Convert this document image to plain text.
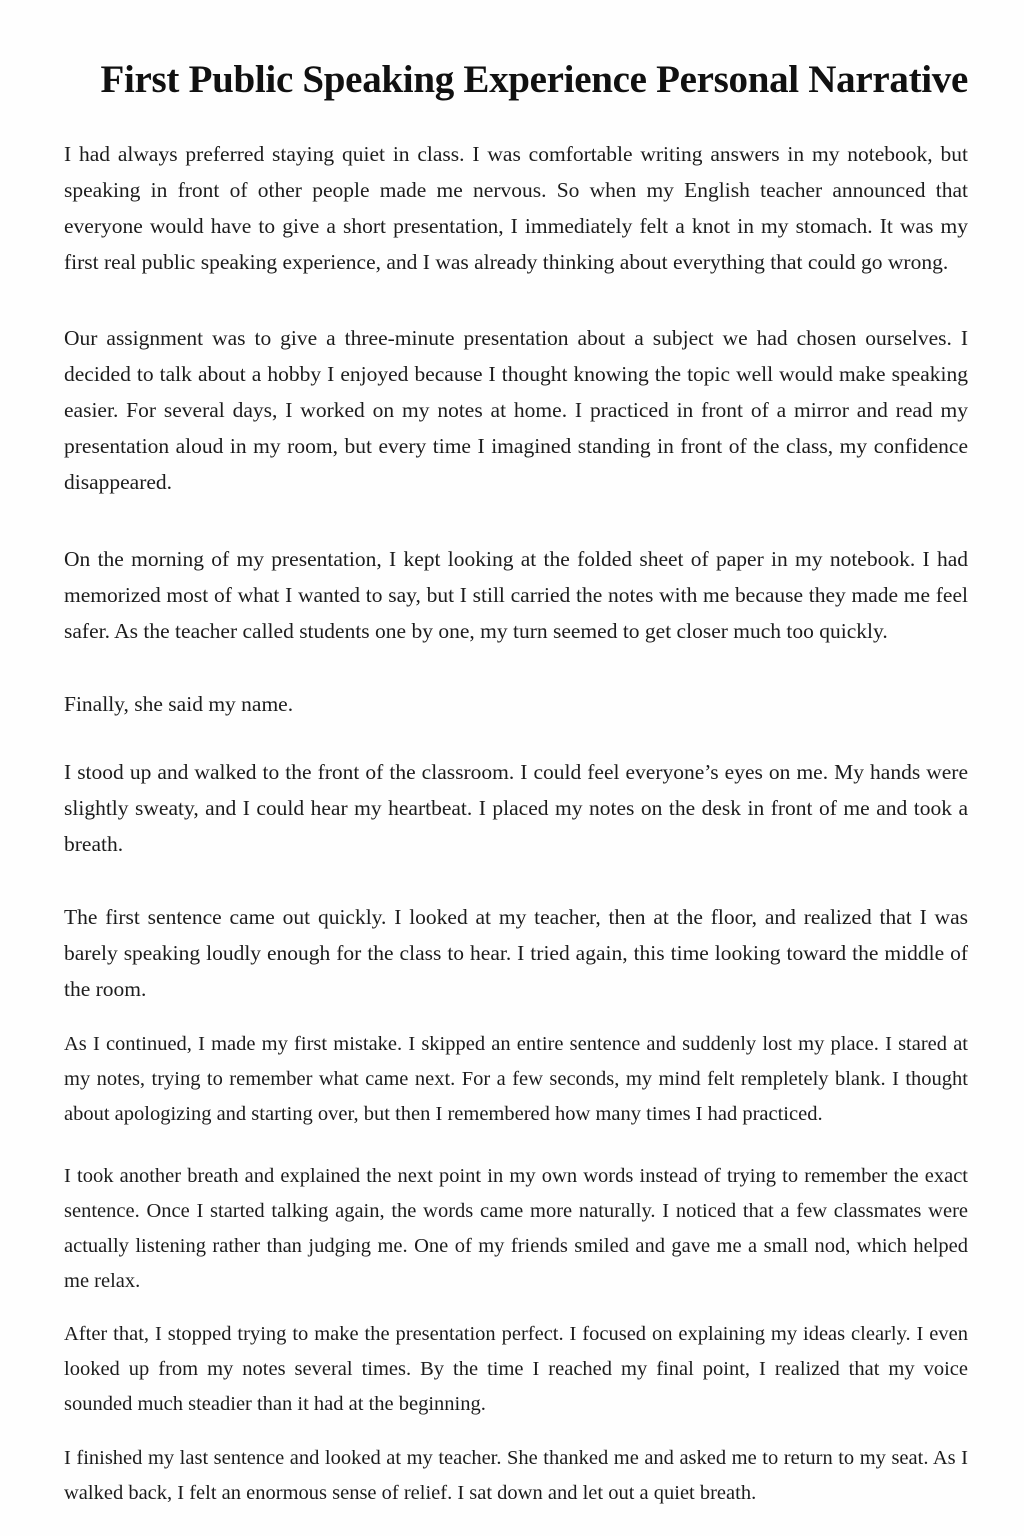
First Public Speaking Experience Personal Narrative

I had always preferred staying quiet in class. I was comfortable writing answers in my notebook, but speaking in front of other people made me nervous. So when my English teacher announced that everyone would have to give a short presentation, I immediately felt a knot in my stomach. It was my first real public speaking experience, and I was already thinking about everything that could go wrong.

Our assignment was to give a three-minute presentation about a subject we had chosen ourselves. I decided to talk about a hobby I enjoyed because I thought knowing the topic well would make speaking easier. For several days, I worked on my notes at home. I practiced in front of a mirror and read my presentation aloud in my room, but every time I imagined standing in front of the class, my confidence disappeared.

On the morning of my presentation, I kept looking at the folded sheet of paper in my notebook. I had memorized most of what I wanted to say, but I still carried the notes with me because they made me feel safer. As the teacher called students one by one, my turn seemed to get closer much too quickly.

Finally, she said my name.

I stood up and walked to the front of the classroom. I could feel everyone’s eyes on me. My hands were slightly sweaty, and I could hear my heartbeat. I placed my notes on the desk in front of me and took a breath.

The first sentence came out quickly. I looked at my teacher, then at the floor, and realized that I was barely speaking loudly enough for the class to hear. I tried again, this time looking toward the middle of the room.

As I continued, I made my first mistake. I skipped an entire sentence and suddenly lost my place. I stared at my notes, trying to remember what came next. For a few seconds, my mind felt rempletely blank. I thought about apologizing and starting over, but then I remembered how many times I had practiced.

I took another breath and explained the next point in my own words instead of trying to remember the exact sentence. Once I started talking again, the words came more naturally. I noticed that a few classmates were actually listening rather than judging me. One of my friends smiled and gave me a small nod, which helped me relax.

After that, I stopped trying to make the presentation perfect. I focused on explaining my ideas clearly. I even looked up from my notes several times. By the time I reached my final point, I realized that my voice sounded much steadier than it had at the beginning.

I finished my last sentence and looked at my teacher. She thanked me and asked me to return to my seat. As I walked back, I felt an enormous sense of relief. I sat down and let out a quiet breath.
